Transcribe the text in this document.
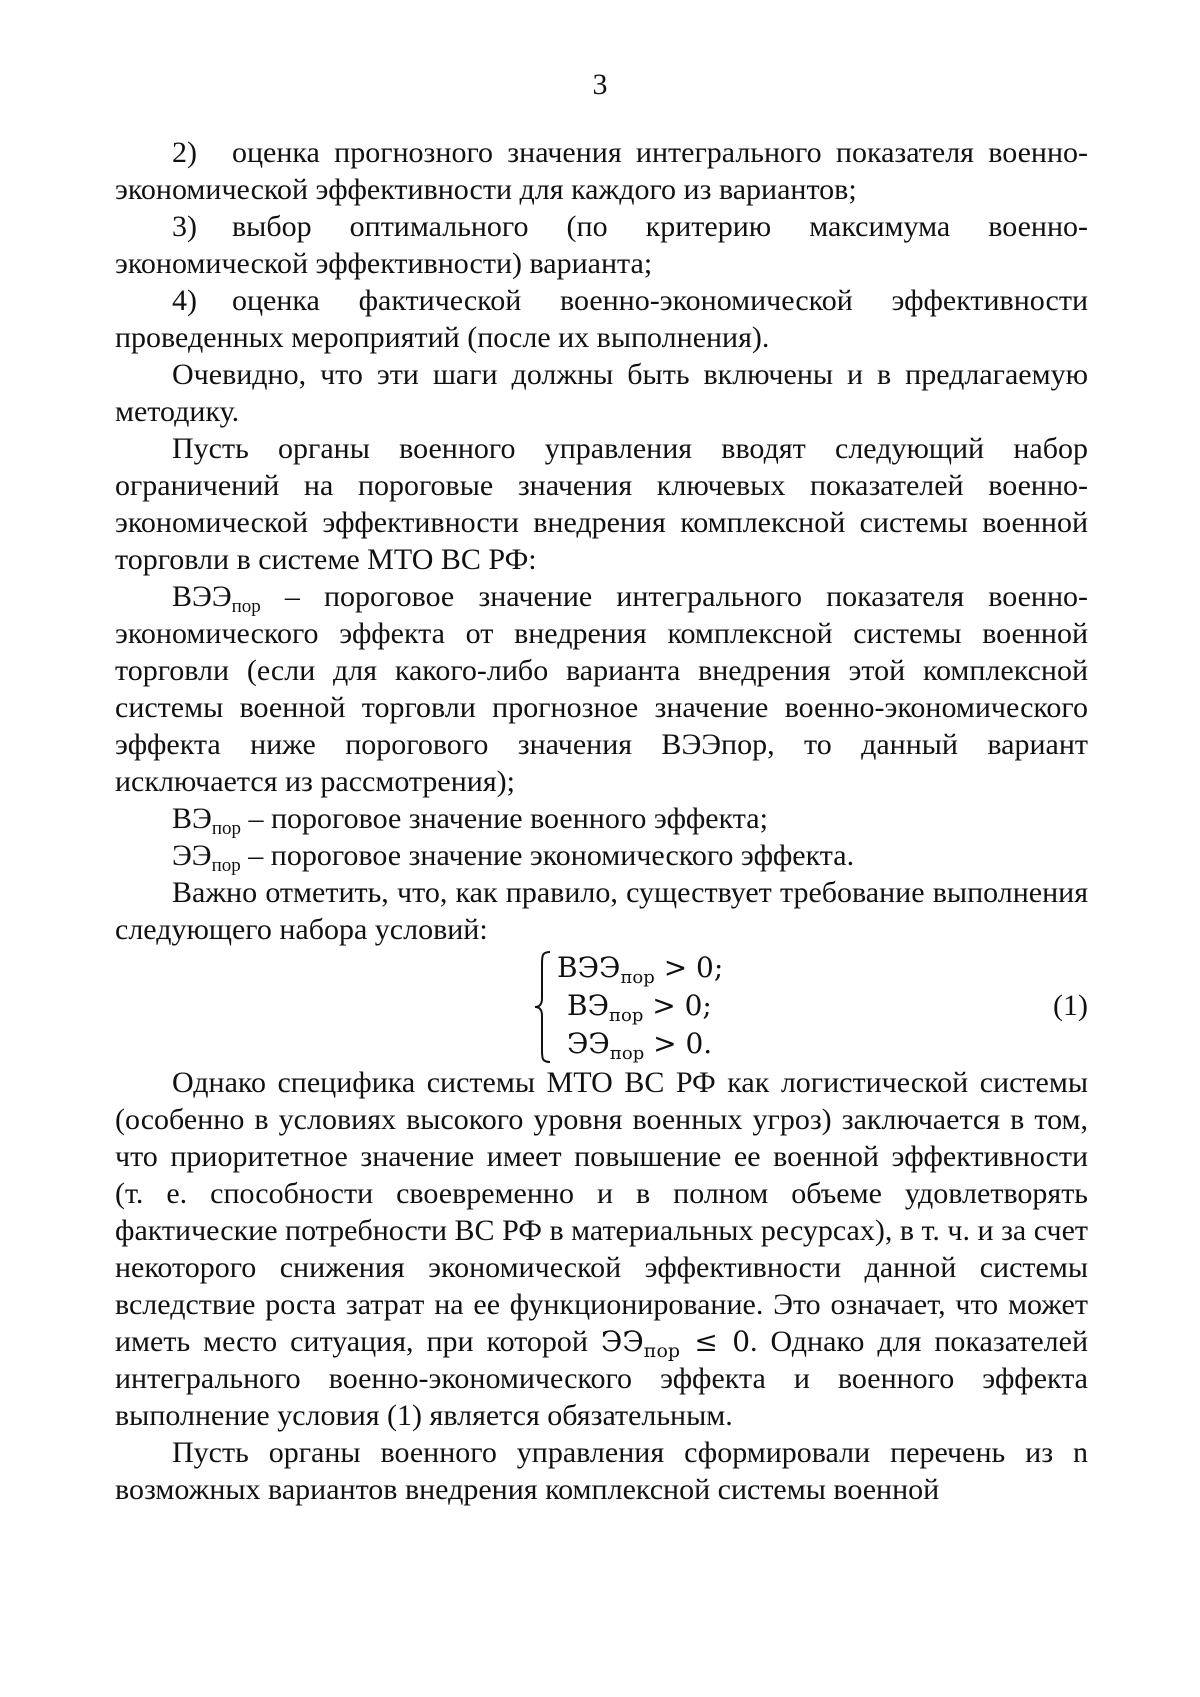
3

2) оценка прогнозного значения интегрального показателя военно-экономической эффективности для каждого из вариантов;

3) выбор оптимального (по критерию максимума военно-экономической эффективности) варианта;

4) оценка фактической военно-экономической эффективности проведенных мероприятий (после их выполнения).

Очевидно, что эти шаги должны быть включены и в предлагаемую методику.

Пусть органы военного управления вводят следующий набор ограничений на пороговые значения ключевых показателей военно-экономической эффективности внедрения комплексной системы военной торговли в системе МТО ВС РФ:

$ВЭЭ_{пор}$ – пороговое значение интегрального показателя военно-экономического эффекта от внедрения комплексной системы военной торговли (если для какого-либо варианта внедрения этой комплексной системы военной торговли прогнозное значение военно-экономического эффекта ниже порогового значения ВЭЭпор, то данный вариант исключается из рассмотрения);

$ВЭ_{пор}$ – пороговое значение военного эффекта;

$ЭЭ_{пор}$ – пороговое значение экономического эффекта.

Важно отметить, что, как правило, существует требование выполнения следующего набора условий:

$ВЭЭ_{пор} > 0$;
$ВЭ_{пор} > 0$;
$ЭЭ_{пор} > 0$.
(1)

Однако специфика системы МТО ВС РФ как логистической системы (особенно в условиях высокого уровня военных угроз) заключается в том, что приоритетное значение имеет повышение ее военной эффективности (т. е. способности своевременно и в полном объеме удовлетворять фактические потребности ВС РФ в материальных ресурсах), в т. ч. и за счет некоторого снижения экономической эффективности данной системы вследствие роста затрат на ее функционирование. Это означает, что может иметь место ситуация, при которой $ЭЭ_{пор} \le 0$. Однако для показателей интегрального военно-экономического эффекта и военного эффекта выполнение условия (1) является обязательным.

Пусть органы военного управления сформировали перечень из n возможных вариантов внедрения комплексной системы военной
